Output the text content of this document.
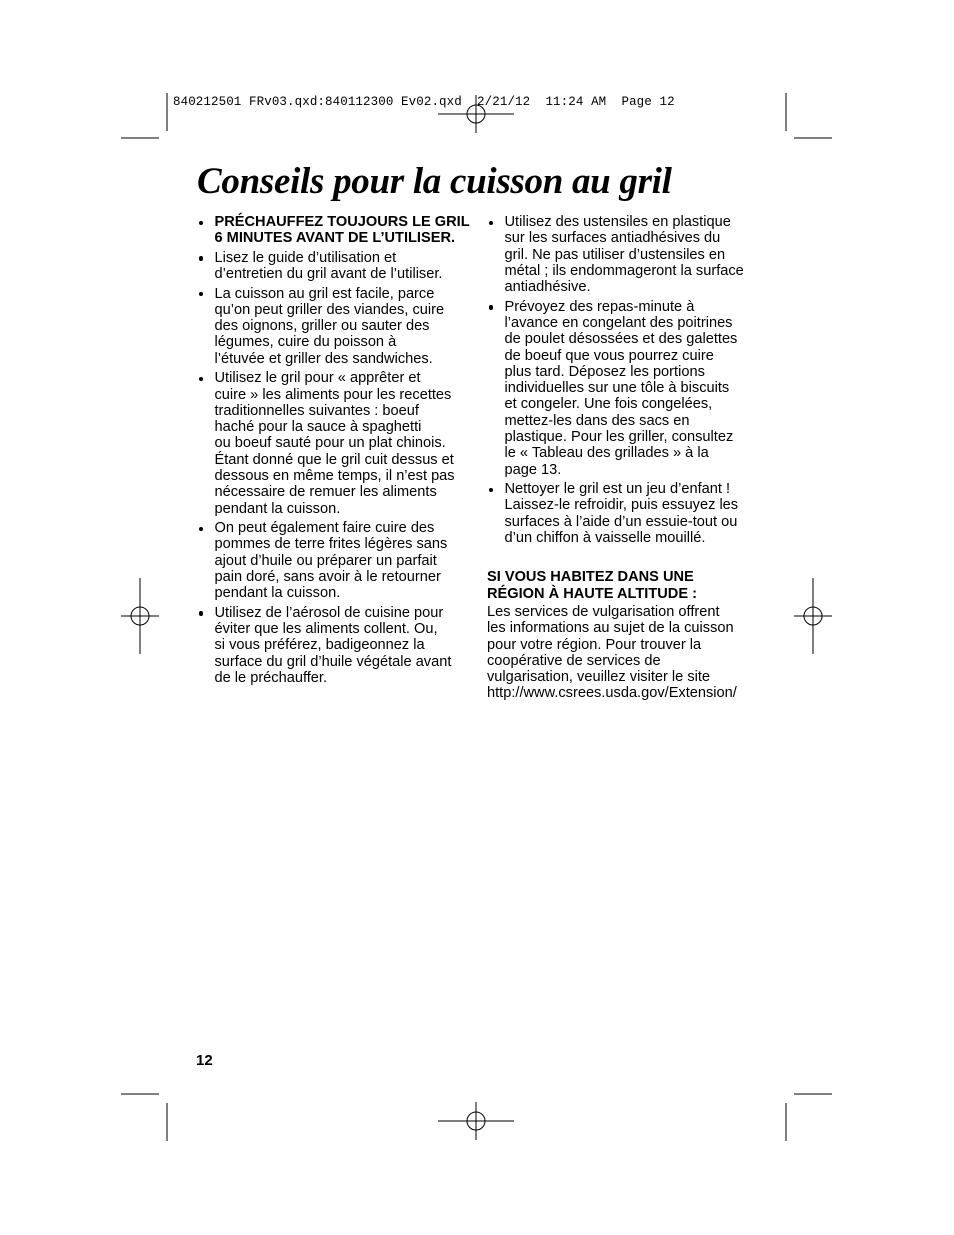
840212501 FRv03.qxd:840112300 Ev02.qxd  2/21/12  11:24 AM  Page 12
Conseils pour la cuisson au gril
PRÉCHAUFFEZ TOUJOURS LE GRIL
6 MINUTES AVANT DE L’UTILISER.
Lisez le guide d’utilisation et
d’entretien du gril avant de l’utiliser.
La cuisson au gril est facile, parce
qu’on peut griller des viandes, cuire
des oignons, griller ou sauter des
légumes, cuire du poisson à
l’étuvée et griller des sandwiches.
Utilisez le gril pour « apprêter et
cuire » les aliments pour les recettes
traditionnelles suivantes : boeuf
haché pour la sauce à spaghetti
ou boeuf sauté pour un plat chinois.
Étant donné que le gril cuit dessus et
dessous en même temps, il n’est pas
nécessaire de remuer les aliments
pendant la cuisson.
On peut également faire cuire des
pommes de terre frites légères sans
ajout d’huile ou préparer un parfait
pain doré, sans avoir à le retourner
pendant la cuisson.
Utilisez de l’aérosol de cuisine pour
éviter que les aliments collent. Ou,
si vous préférez, badigeonnez la
surface du gril d’huile végétale avant
de le préchauffer.
Utilisez des ustensiles en plastique
sur les surfaces antiadhésives du
gril. Ne pas utiliser d’ustensiles en
métal ; ils endommageront la surface
antiadhésive.
Prévoyez des repas-minute à
l’avance en congelant des poitrines
de poulet désossées et des galettes
de boeuf que vous pourrez cuire
plus tard. Déposez les portions
individuelles sur une tôle à biscuits
et congeler. Une fois congelées,
mettez-les dans des sacs en
plastique. Pour les griller, consultez
le « Tableau des grillades » à la
page 13.
Nettoyer le gril est un jeu d’enfant !
Laissez-le refroidir, puis essuyez les
surfaces à l’aide d’un essuie-tout ou
d’un chiffon à vaisselle mouillé.
SI VOUS HABITEZ DANS UNE
RÉGION À HAUTE ALTITUDE :
Les services de vulgarisation offrent
les informations au sujet de la cuisson
pour votre région. Pour trouver la
coopérative de services de
vulgarisation, veuillez visiter le site
http://www.csrees.usda.gov/Extension/
12
